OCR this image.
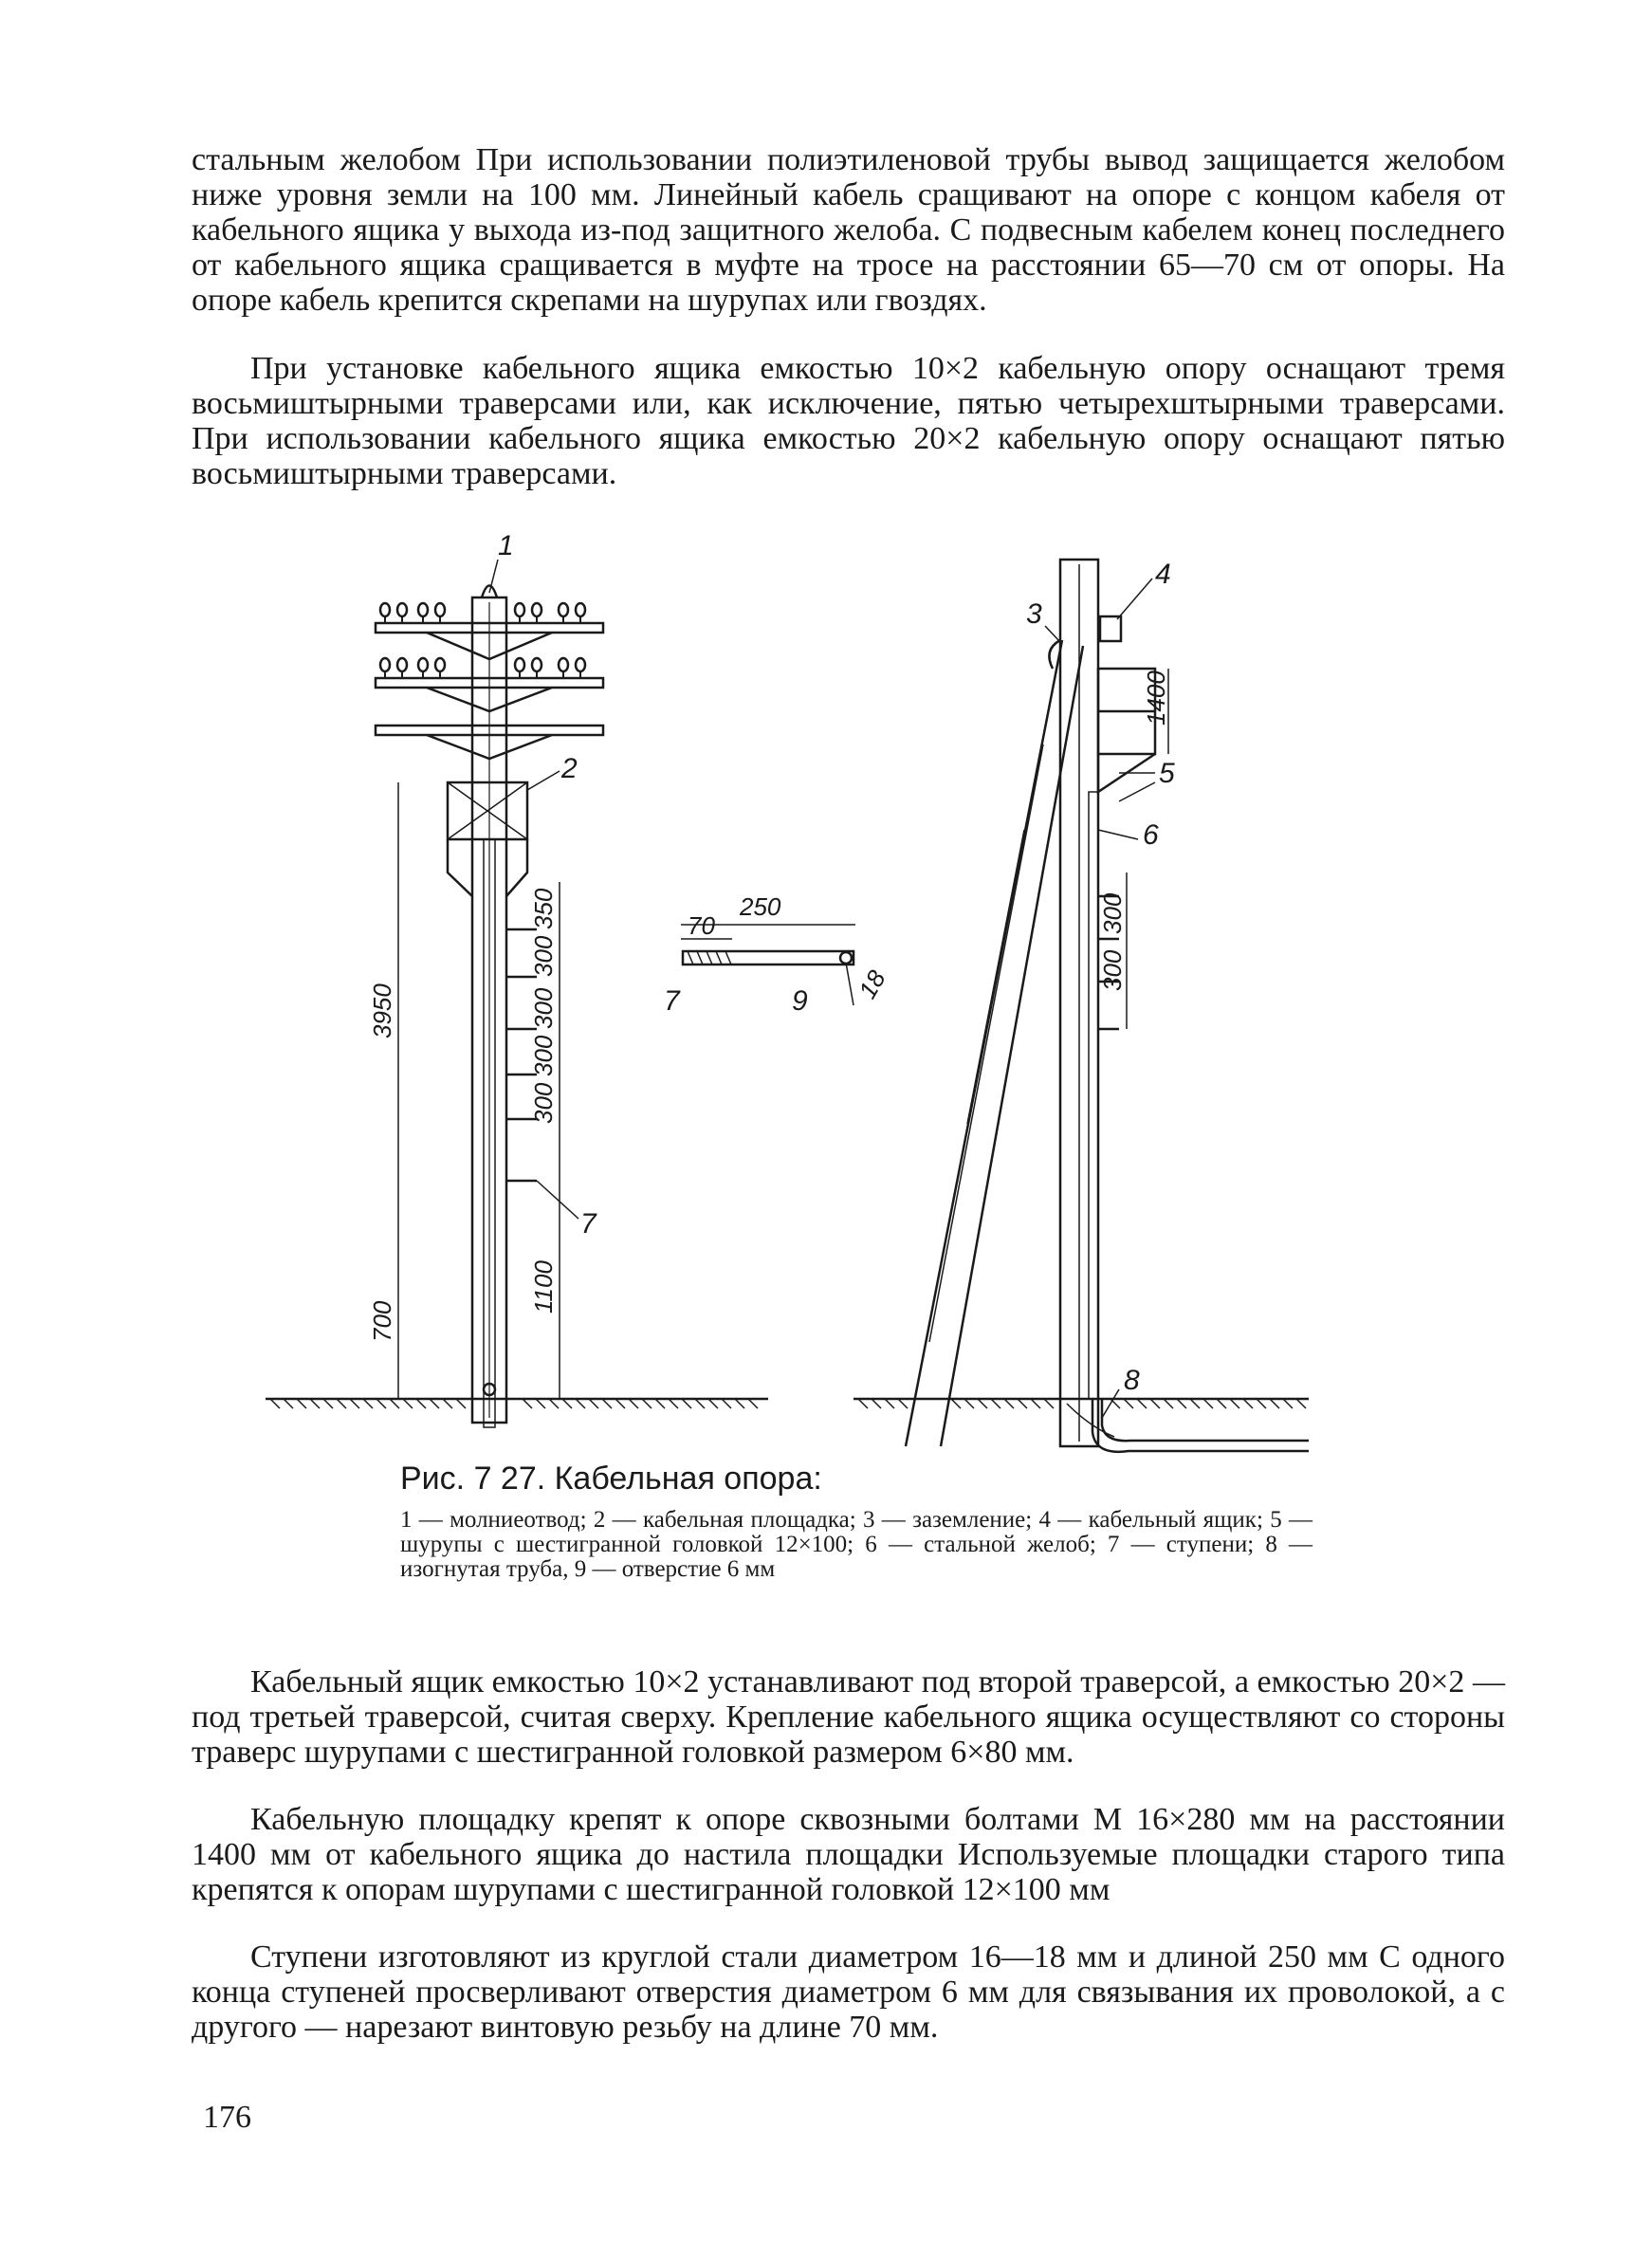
стальным желобом При использовании полиэтиленовой трубы вывод защищается желобом ниже уровня земли на 100 мм. Линейный кабель сращивают на опоре с концом кабеля от кабельного ящика у выхода из-под защитного желоба. С подвесным кабелем конец последнего от кабельного ящика сращивается в муфте на тросе на расстоянии 65—70 см от опоры. На опоре кабель крепится скрепами на шурупах или гвоздях.

При установке кабельного ящика емкостью 10×2 кабельную опору оснащают тремя восьмиштырными траверсами или, как исключение, пятью четырехштырными траверсами. При использовании кабельного ящика емкостью 20×2 кабельную опору оснащают пятью восьмиштырными траверсами.

1
2
7
7	9
3
4
5
6
8
3950
700
1100
350
300
300
300
300
250
70
18
1400
300
300

Рис. 7 27. Кабельная опора:

1 — молниеотвод; 2 — кабельная площадка; 3 — заземление; 4 — кабельный ящик; 5 — шурупы с шестигранной головкой 12×100; 6 — стальной желоб; 7 — ступени; 8 — изогнутая труба, 9 — отверстие 6 мм

Кабельный ящик емкостью 10×2 устанавливают под второй траверсой, а емкостью 20×2 — под третьей траверсой, считая сверху. Крепление кабельного ящика осуществляют со стороны траверс шурупами с шестигранной головкой размером 6×80 мм.

Кабельную площадку крепят к опоре сквозными болтами М 16×280 мм на расстоянии 1400 мм от кабельного ящика до настила площадки Используемые площадки старого типа крепятся к опорам шурупами с шестигранной головкой 12×100 мм

Ступени изготовляют из круглой стали диаметром 16—18 мм и длиной 250 мм С одного конца ступеней просверливают отверстия диаметром 6 мм для связывания их проволокой, а с другого — нарезают винтовую резьбу на длине 70 мм.

176
